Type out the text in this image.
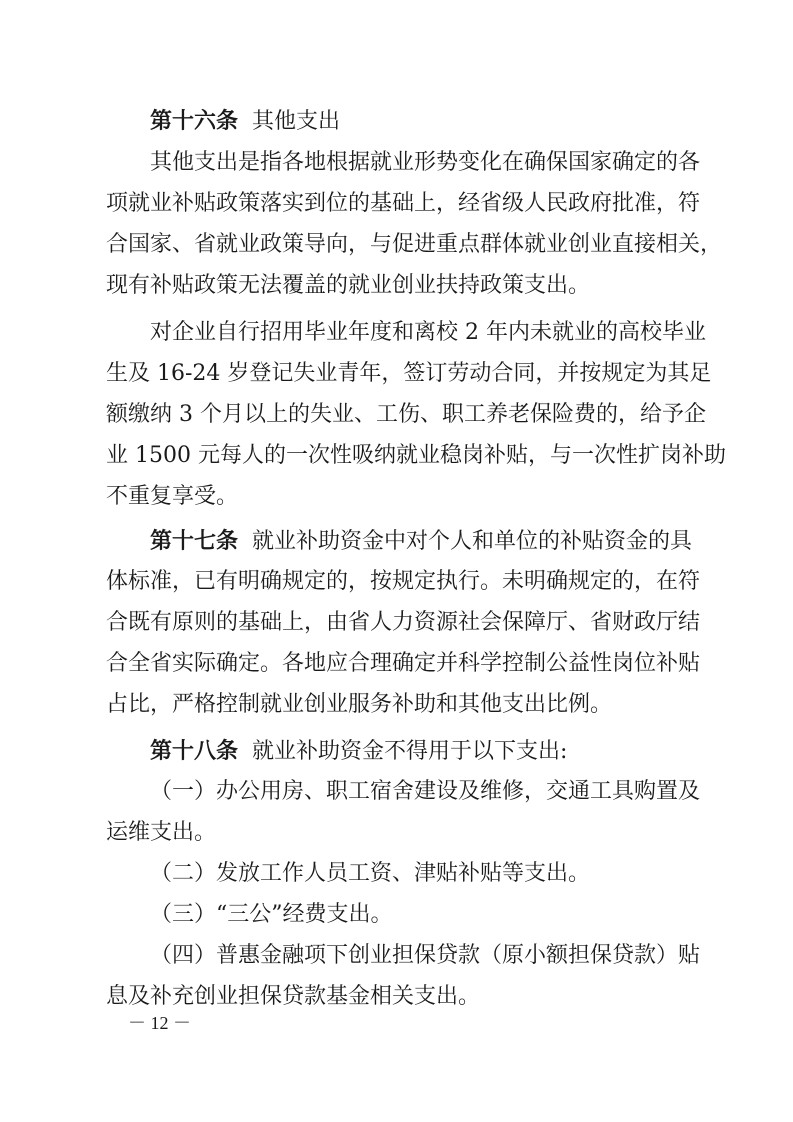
第十六条 其他支出
其他支出是指各地根据就业形势变化在确保国家确定的各
项就业补贴政策落实到位的基础上，经省级人民政府批准，符
合国家、省就业政策导向，与促进重点群体就业创业直接相关，
现有补贴政策无法覆盖的就业创业扶持政策支出。
对企业自行招用毕业年度和离校 2 年内未就业的高校毕业
生及 16-24 岁登记失业青年，签订劳动合同，并按规定为其足
额缴纳 3 个月以上的失业、工伤、职工养老保险费的，给予企
业 1500 元每人的一次性吸纳就业稳岗补贴，与一次性扩岗补助
不重复享受。
第十七条 就业补助资金中对个人和单位的补贴资金的具
体标准，已有明确规定的，按规定执行。未明确规定的，在符
合既有原则的基础上，由省人力资源社会保障厅、省财政厅结
合全省实际确定。各地应合理确定并科学控制公益性岗位补贴
占比，严格控制就业创业服务补助和其他支出比例。
第十八条 就业补助资金不得用于以下支出:
（一）办公用房、职工宿舍建设及维修，交通工具购置及
运维支出。
（二）发放工作人员工资、津贴补贴等支出。
（三）“三公”经费支出。
（四）普惠金融项下创业担保贷款（原小额担保贷款）贴
息及补充创业担保贷款基金相关支出。
－ 12 －
